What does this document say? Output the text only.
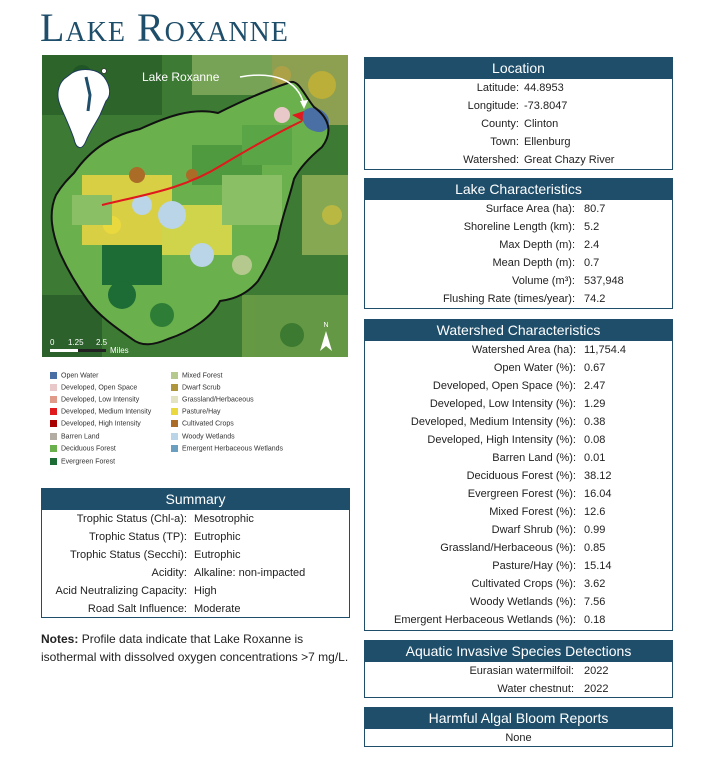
Lake Roxanne
Lake Roxanne
0 1.25 2.5
Miles
N
Open Water
Developed, Open Space
Developed, Low Intensity
Developed, Medium Intensity
Developed, High Intensity
Barren Land
Deciduous Forest
Evergreen Forest
Mixed Forest
Dwarf Scrub
Grassland/Herbaceous
Pasture/Hay
Cultivated Crops
Woody Wetlands
Emergent Herbaceous Wetlands
Location
Latitude: 44.8953
Longitude: -73.8047
County: Clinton
Town: Ellenburg
Watershed: Great Chazy River
Lake Characteristics
Surface Area (ha): 80.7
Shoreline Length (km): 5.2
Max Depth (m): 2.4
Mean Depth (m): 0.7
Volume (m³): 537,948
Flushing Rate (times/year): 74.2
Watershed Characteristics
Watershed Area (ha): 11,754.4
Open Water (%): 0.67
Developed, Open Space (%): 2.47
Developed, Low Intensity (%): 1.29
Developed, Medium Intensity (%): 0.38
Developed, High Intensity (%): 0.08
Barren Land (%): 0.01
Deciduous Forest (%): 38.12
Evergreen Forest (%): 16.04
Mixed Forest (%): 12.6
Dwarf Shrub (%): 0.99
Grassland/Herbaceous (%): 0.85
Pasture/Hay (%): 15.14
Cultivated Crops (%): 3.62
Woody Wetlands (%): 7.56
Emergent Herbaceous Wetlands (%): 0.18
Summary
Trophic Status (Chl-a): Mesotrophic
Trophic Status (TP): Eutrophic
Trophic Status (Secchi): Eutrophic
Acidity: Alkaline: non-impacted
Acid Neutralizing Capacity: High
Road Salt Influence: Moderate
Notes: Profile data indicate that Lake Roxanne is isothermal with dissolved oxygen concentrations >7 mg/L.	Aquatic Invasive Species Detections
Eurasian watermilfoil: 2022
Water chestnut: 2022
Harmful Algal Bloom Reports
None
